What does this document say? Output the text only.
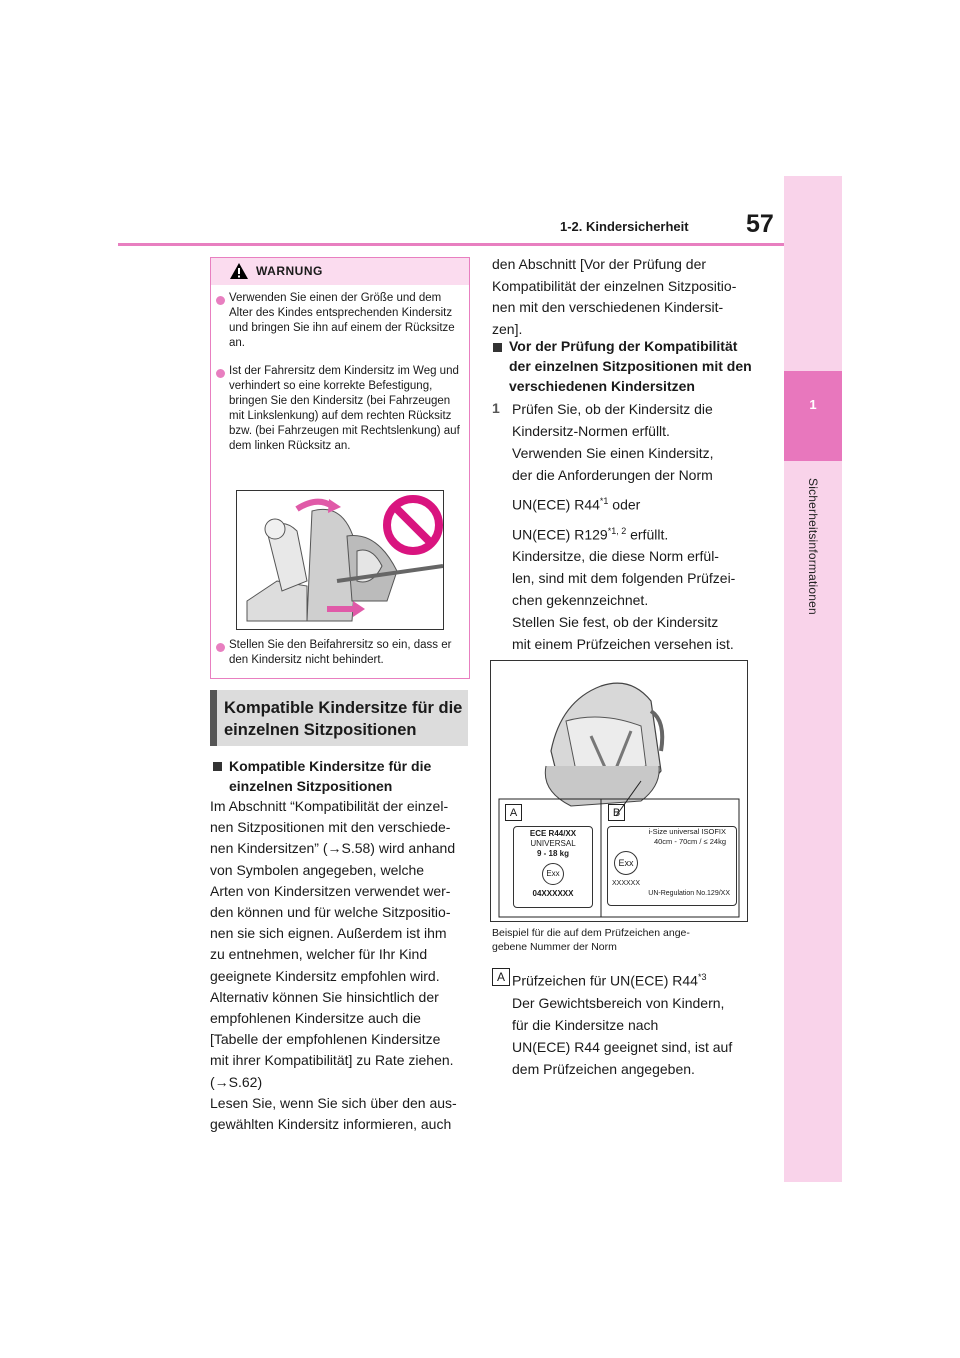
1-2. Kindersicherheit 57
1
Sicherheitsinformationen
WARNUNG
Verwenden Sie einen der Größe und dem Alter des Kindes entsprechenden Kindersitz und bringen Sie ihn auf einem der Rücksitze an.
Ist der Fahrersitz dem Kindersitz im Weg und verhindert so eine korrekte Befestigung, bringen Sie den Kindersitz (bei Fahrzeugen mit Linkslenkung) auf dem rechten Rücksitz bzw. (bei Fahrzeugen mit Rechtslenkung) auf dem linken Rücksitz an.
Stellen Sie den Beifahrersitz so ein, dass er den Kindersitz nicht behindert.
Kompatible Kindersitze für die einzelnen Sitzpositionen
Kompatible Kindersitze für die einzelnen Sitzpositionen
Im Abschnitt “Kompatibilität der einzel-
nen Sitzpositionen mit den verschiede-
nen Kindersitzen” (→S.58) wird anhand
von Symbolen angegeben, welche
Arten von Kindersitzen verwendet wer-
den können und für welche Sitzpositio-
nen sie sich eignen. Außerdem ist ihm
zu entnehmen, welcher für Ihr Kind
geeignete Kindersitz empfohlen wird.
Alternativ können Sie hinsichtlich der
empfohlenen Kindersitze auch die
[Tabelle der empfohlenen Kindersitze
mit ihrer Kompatibilität] zu Rate ziehen.
(→S.62)
Lesen Sie, wenn Sie sich über den aus-
gewählten Kindersitz informieren, auch
den Abschnitt [Vor der Prüfung der
Kompatibilität der einzelnen Sitzpositio-
nen mit den verschiedenen Kindersit-
zen].
Vor der Prüfung der Kompatibilität der einzelnen Sitzpositionen mit den verschiedenen Kindersitzen
1 Prüfen Sie, ob der Kindersitz die
Kindersitz-Normen erfüllt.
Verwenden Sie einen Kindersitz,
der die Anforderungen der Norm
UN(ECE) R44$^{*1}$ oder
UN(ECE) R129$^{*1, 2}$ erfüllt.
Kindersitze, die diese Norm erfül-
len, sind mit dem folgenden Prüfzei-
chen gekennzeichnet.
Stellen Sie fest, ob der Kindersitz
mit einem Prüfzeichen versehen ist.
A	B
ECE R44/XX
UNIVERSAL
9 - 18 kg
Exx
04XXXXXX
i-Size universal ISOFIX
40cm - 70cm / ≤ 24kg
Exx
XXXXXX
UN-Regulation No.129/XX
Beispiel für die auf dem Prüfzeichen ange-
gebene Nummer der Norm
A Prüfzeichen für UN(ECE) R44$^{*3}$
Der Gewichtsbereich von Kindern,
für die Kindersitze nach
UN(ECE) R44 geeignet sind, ist auf
dem Prüfzeichen angegeben.
